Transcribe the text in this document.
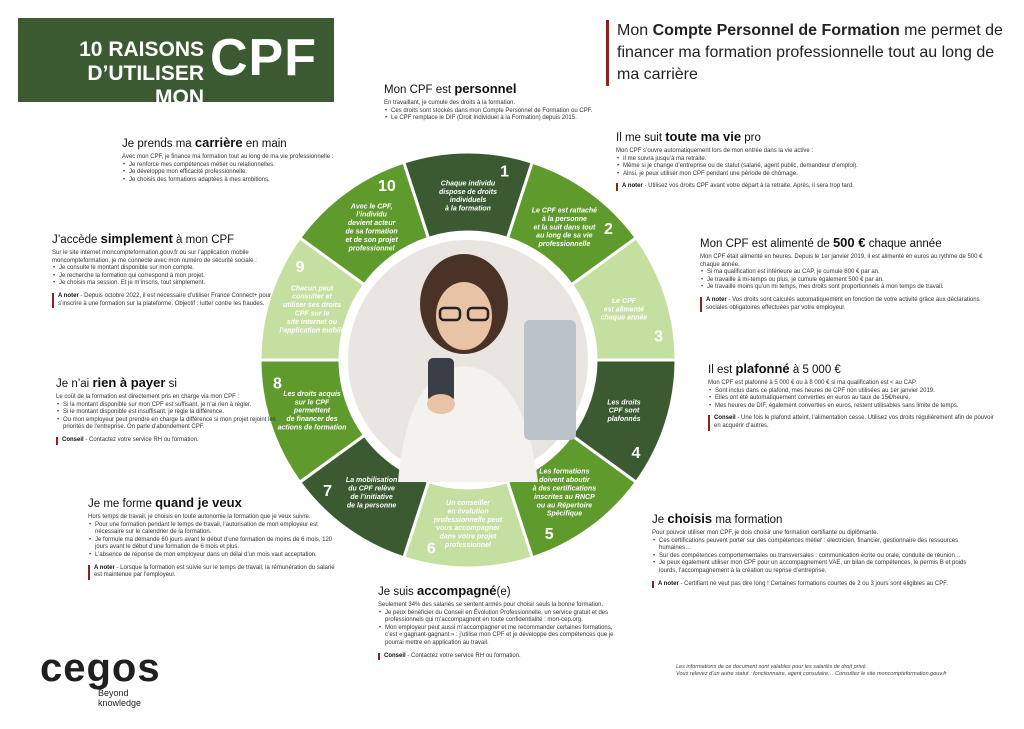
10 RAISONS
D’UTILISER MON
CPF	Mon Compte Personnel de Formation me permet de financer ma formation professionnelle tout au long de ma carrière
Chaque individu dispose de droits individuels à la formation
1
Le CPF est rattaché à la personne et la suit dans tout au long de sa vie professionnelle
2
Le CPF est alimenté chaque année
3
Les droits CPF sont plafonnés
4
Les formations doivent aboutir à des certifications inscrites au RNCP ou au Répertoire Spécifique
5
Un conseiller en évolution professionnelle peut vous accompagner dans votre projet professionnel
6
La mobilisation du CPF relève de l’initiative de la personne
7
Les droits acquis sur le CPF permettent de financer des actions de formation
8
Chacun peut consulter et utiliser ses droits CPF sur le site internet ou l’application mobile
9
Avec le CPF, l’individu devient acteur de sa formation et de son projet professionnel
10
Mon CPF est personnel
En travaillant, je cumule des droits à la formation.
• Ces droits sont stockés dans mon Compte Personnel de Formation ou CPF.
• Le CPF remplace le DIF (Droit Individuel à la Formation) depuis 2015.
Il me suit toute ma vie pro
Mon CPF s’ouvre automatiquement lors de mon entrée dans la vie active :
• Il me suivra jusqu’à ma retraite.
• Même si je change d’entreprise ou de statut (salarié, agent public, demandeur d’emploi).
• Ainsi, je peux utiliser mon CPF pendant une période de chômage.
A noter - Utilisez vos droits CPF avant votre départ à la retraite. Après, il sera trop tard.
Mon CPF est alimenté de 500 € chaque année
Mon CPF était alimenté en heures. Depuis le 1er janvier 2019, il est alimenté en euros au rythme de 500 € chaque année.
• Si ma qualification est inférieure au CAP, je cumule 800 € par an.
• Je travaille à mi-temps ou plus, je cumule également 500 € par an.
• Je travaille moins qu’un mi temps, mes droits sont proportionnels à mon temps de travail.
A noter - Vos droits sont calculés automatiquement en fonction de votre activité grâce aux déclarations sociales obligatoires effectuées par votre employeur.
Il est plafonné à 5 000 €
Mon CPF est plafonné à 5 000 € ou à 8 000 € si ma qualification est < au CAP.
• Sont inclus dans ce plafond, mes heures de CPF non utilisées au 1er janvier 2019.
• Elles ont été automatiquement converties en euros au taux de 15€/heure.
• Mes heures de DIF, également converties en euros, restent utilisables sans limite de temps.
Conseil - Une fois le plafond atteint, l’alimentation cesse. Utilisez vos droits régulièrement afin de pouvoir en acquérir d’autres.
Je choisis ma formation
Pour pouvoir utiliser mon CPF, je dois choisir une formation certifiante ou diplômante.
• Ces certifications peuvent porter sur des compétences métier : électricien, financier, gestionnaire des ressources humaines…
• Sur des compétences comportementales ou transversales : communication écrite ou orale, conduite de réunion…
• Je peux également utiliser mon CPF pour un accompagnement VAE, un bilan de compétences, le permis B et poids lourds, l’accompagnement à la création ou reprise d’entreprise.
A noter - Certifiant ne veut pas dire long ! Certaines formations courtes de 2 ou 3 jours sont éligibles au CPF.
Je suis accompagné(e)
Seulement 34% des salariés se sentent armés pour choisir seuls la bonne formation.
• Je peux bénéficier du Conseil en Évolution Professionnelle, un service gratuit et des professionnels qui m’accompagnent en toute confidentialité : mon-cep.org.
• Mon employeur peut aussi m’accompagner et me recommander certaines formations, c’est « gagnant-gagnant » : j’utilise mon CPF et je développe des compétences que je pourrai mettre en application au travail.
Conseil - Contactez votre service RH ou formation.
Je me forme quand je veux
Hors temps de travail, je choisis en toute autonomie la formation que je veux suivre.
• Pour une formation pendant le temps de travail, l’autorisation de mon employeur est nécessaire sur le calendrier de la formation.
• Je formule ma demande 60 jours avant le début d’une formation de moins de 6 mois, 120 jours avant le début d’une formation de 6 mois et plus.
• L’absence de réponse de mon employeur dans un délai d’un mois vaut acceptation.
A noter - Lorsque la formation est suivie sur le temps de travail, la rémunération du salarié est maintenue par l’employeur.
Je n’ai rien à payer si
Le coût de la formation est directement pris en charge via mon CPF :
• Si la montant disponible sur mon CPF est suffisant, je n’ai rien à régler.
• Si le montant disponible est insuffisant, je règle la différence.
• Ou mon employeur peut prendre en charge la différence si mon projet rejoint les priorités de l’entreprise. On parle d’abondement CPF.
Conseil - Contactez votre service RH ou formation.
J’accède simplement à mon CPF
Sur le site internet moncompteformation.gouv.fr ou sur l’application mobile moncompteformation, je me connecte avec mon numéro de sécurité sociale :
• Je consulte le montant disponible sur mon compte.
• Je recherche la formation qui correspond à mon projet.
• Je choisis ma session. Et je m’inscris, tout simplement.
A noter - Depuis octobre 2022, il est nécessaire d’utiliser France Connect+ pour s’inscrire à une formation sur la plateforme. Objectif : lutter contre les fraudes.
Je prends ma carrière en main
Avec mon CPF, je finance ma formation tout au long de ma vie professionnelle :
• Je renforce mes compétences métier ou relationnelles.
• Je développe mon efficacité professionnelle.
• Je choisis des formations adaptées à mes ambitions.
cegos
Beyond
knowledge
Les informations de ce document sont valables pour les salariés de droit privé.
Vous relevez d’un autre statut : fonctionnaire, agent consulaire… Consultez le site moncompteformation.gouv.fr
